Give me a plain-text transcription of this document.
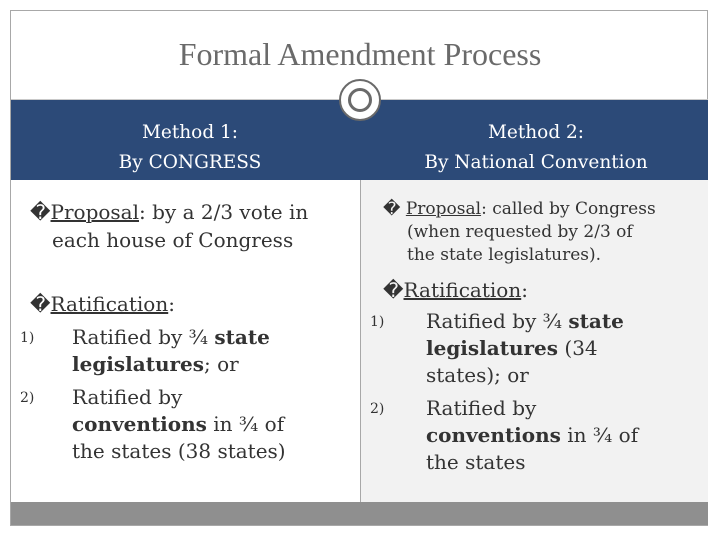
Formal Amendment Process
Method 1:
By CONGRESS
Method 2:
By National Convention
�Proposal: by a 2/3 vote in
each house of Congress
�Ratification:
1) Ratified by ¾ state
legislatures; or
2) Ratified by
conventions in ¾ of
the states (38 states)
� Proposal: called by Congress
(when requested by 2/3 of
the state legislatures).
�Ratification:
1) Ratified by ¾ state
legislatures (34
states); or
2) Ratified by
conventions in ¾ of
the states
